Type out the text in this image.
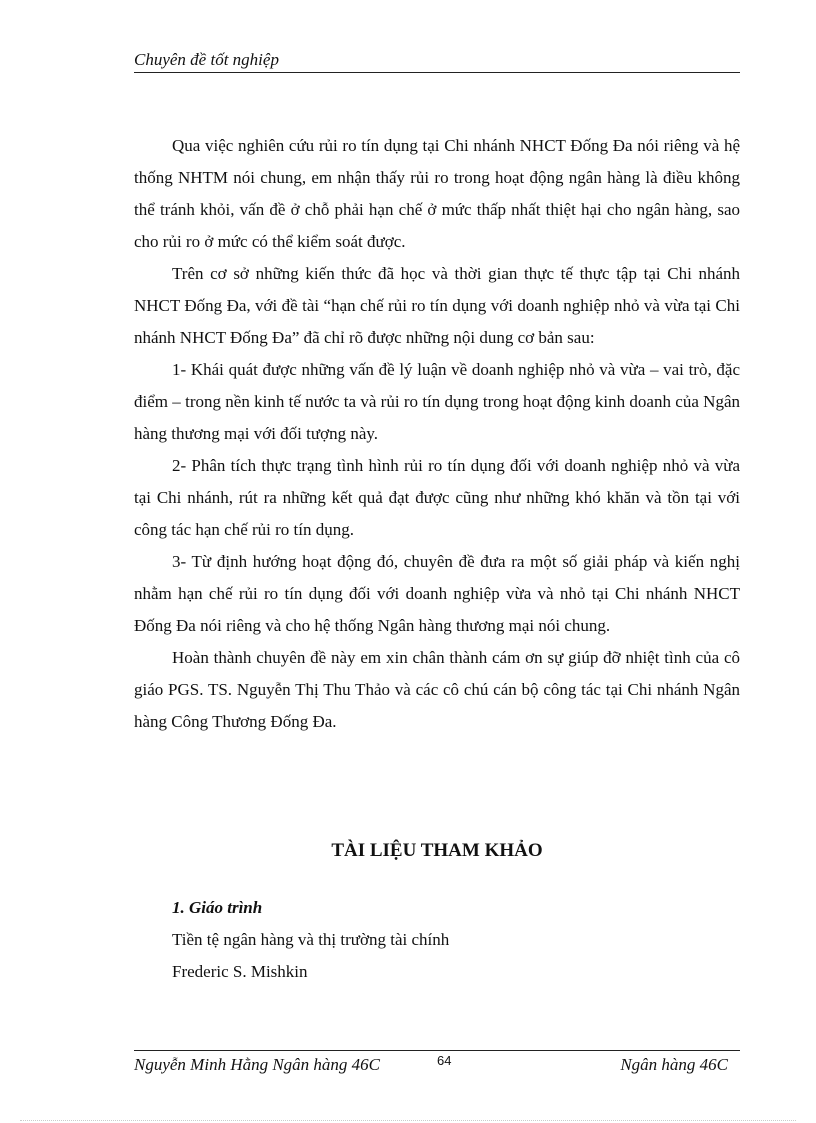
Chuyên đề tốt nghiệp

Qua việc nghiên cứu rủi ro tín dụng tại Chi nhánh NHCT Đống Đa nói riêng và hệ thống NHTM nói chung, em nhận thấy rủi ro trong hoạt động ngân hàng là điều không thể tránh khỏi, vấn đề ở chỗ phải hạn chế ở mức thấp nhất thiệt hại cho ngân hàng, sao cho rủi ro ở mức có thể kiểm soát được.

Trên cơ sở những kiến thức đã học và thời gian thực tế thực tập tại Chi nhánh NHCT Đống Đa, với đề tài “hạn chế rủi ro tín dụng với doanh nghiệp nhỏ và vừa tại Chi nhánh NHCT Đống Đa” đã chỉ rõ được những nội dung cơ bản sau:

1- Khái quát được những vấn đề lý luận về doanh nghiệp nhỏ và vừa – vai trò, đặc điểm – trong nền kinh tế nước ta và rủi ro tín dụng trong hoạt động kinh doanh của Ngân hàng thương mại với đối tượng này.

2- Phân tích thực trạng tình hình rủi ro tín dụng đối với doanh nghiệp nhỏ và vừa tại Chi nhánh, rút ra những kết quả đạt được cũng như những khó khăn và tồn tại với công tác hạn chế rủi ro tín dụng.

3- Từ định hướng hoạt động đó, chuyên đề đưa ra một số giải pháp và kiến nghị nhằm hạn chế rủi ro tín dụng đối với doanh nghiệp vừa và nhỏ tại Chi nhánh NHCT Đống Đa nói riêng và cho hệ thống Ngân hàng thương mại nói chung.

Hoàn thành chuyên đề này em xin chân thành cám ơn sự giúp đỡ nhiệt tình của cô giáo PGS. TS. Nguyễn Thị Thu Thảo và các cô chú cán bộ công tác tại Chi nhánh Ngân hàng Công Thương Đống Đa.

TÀI LIỆU THAM KHẢO
1. Giáo trình
Tiền tệ ngân hàng và thị trường tài chính
Frederic S. Mishkin
Nguyễn Minh Hằng Ngân hàng 46C	64	Ngân hàng 46C
